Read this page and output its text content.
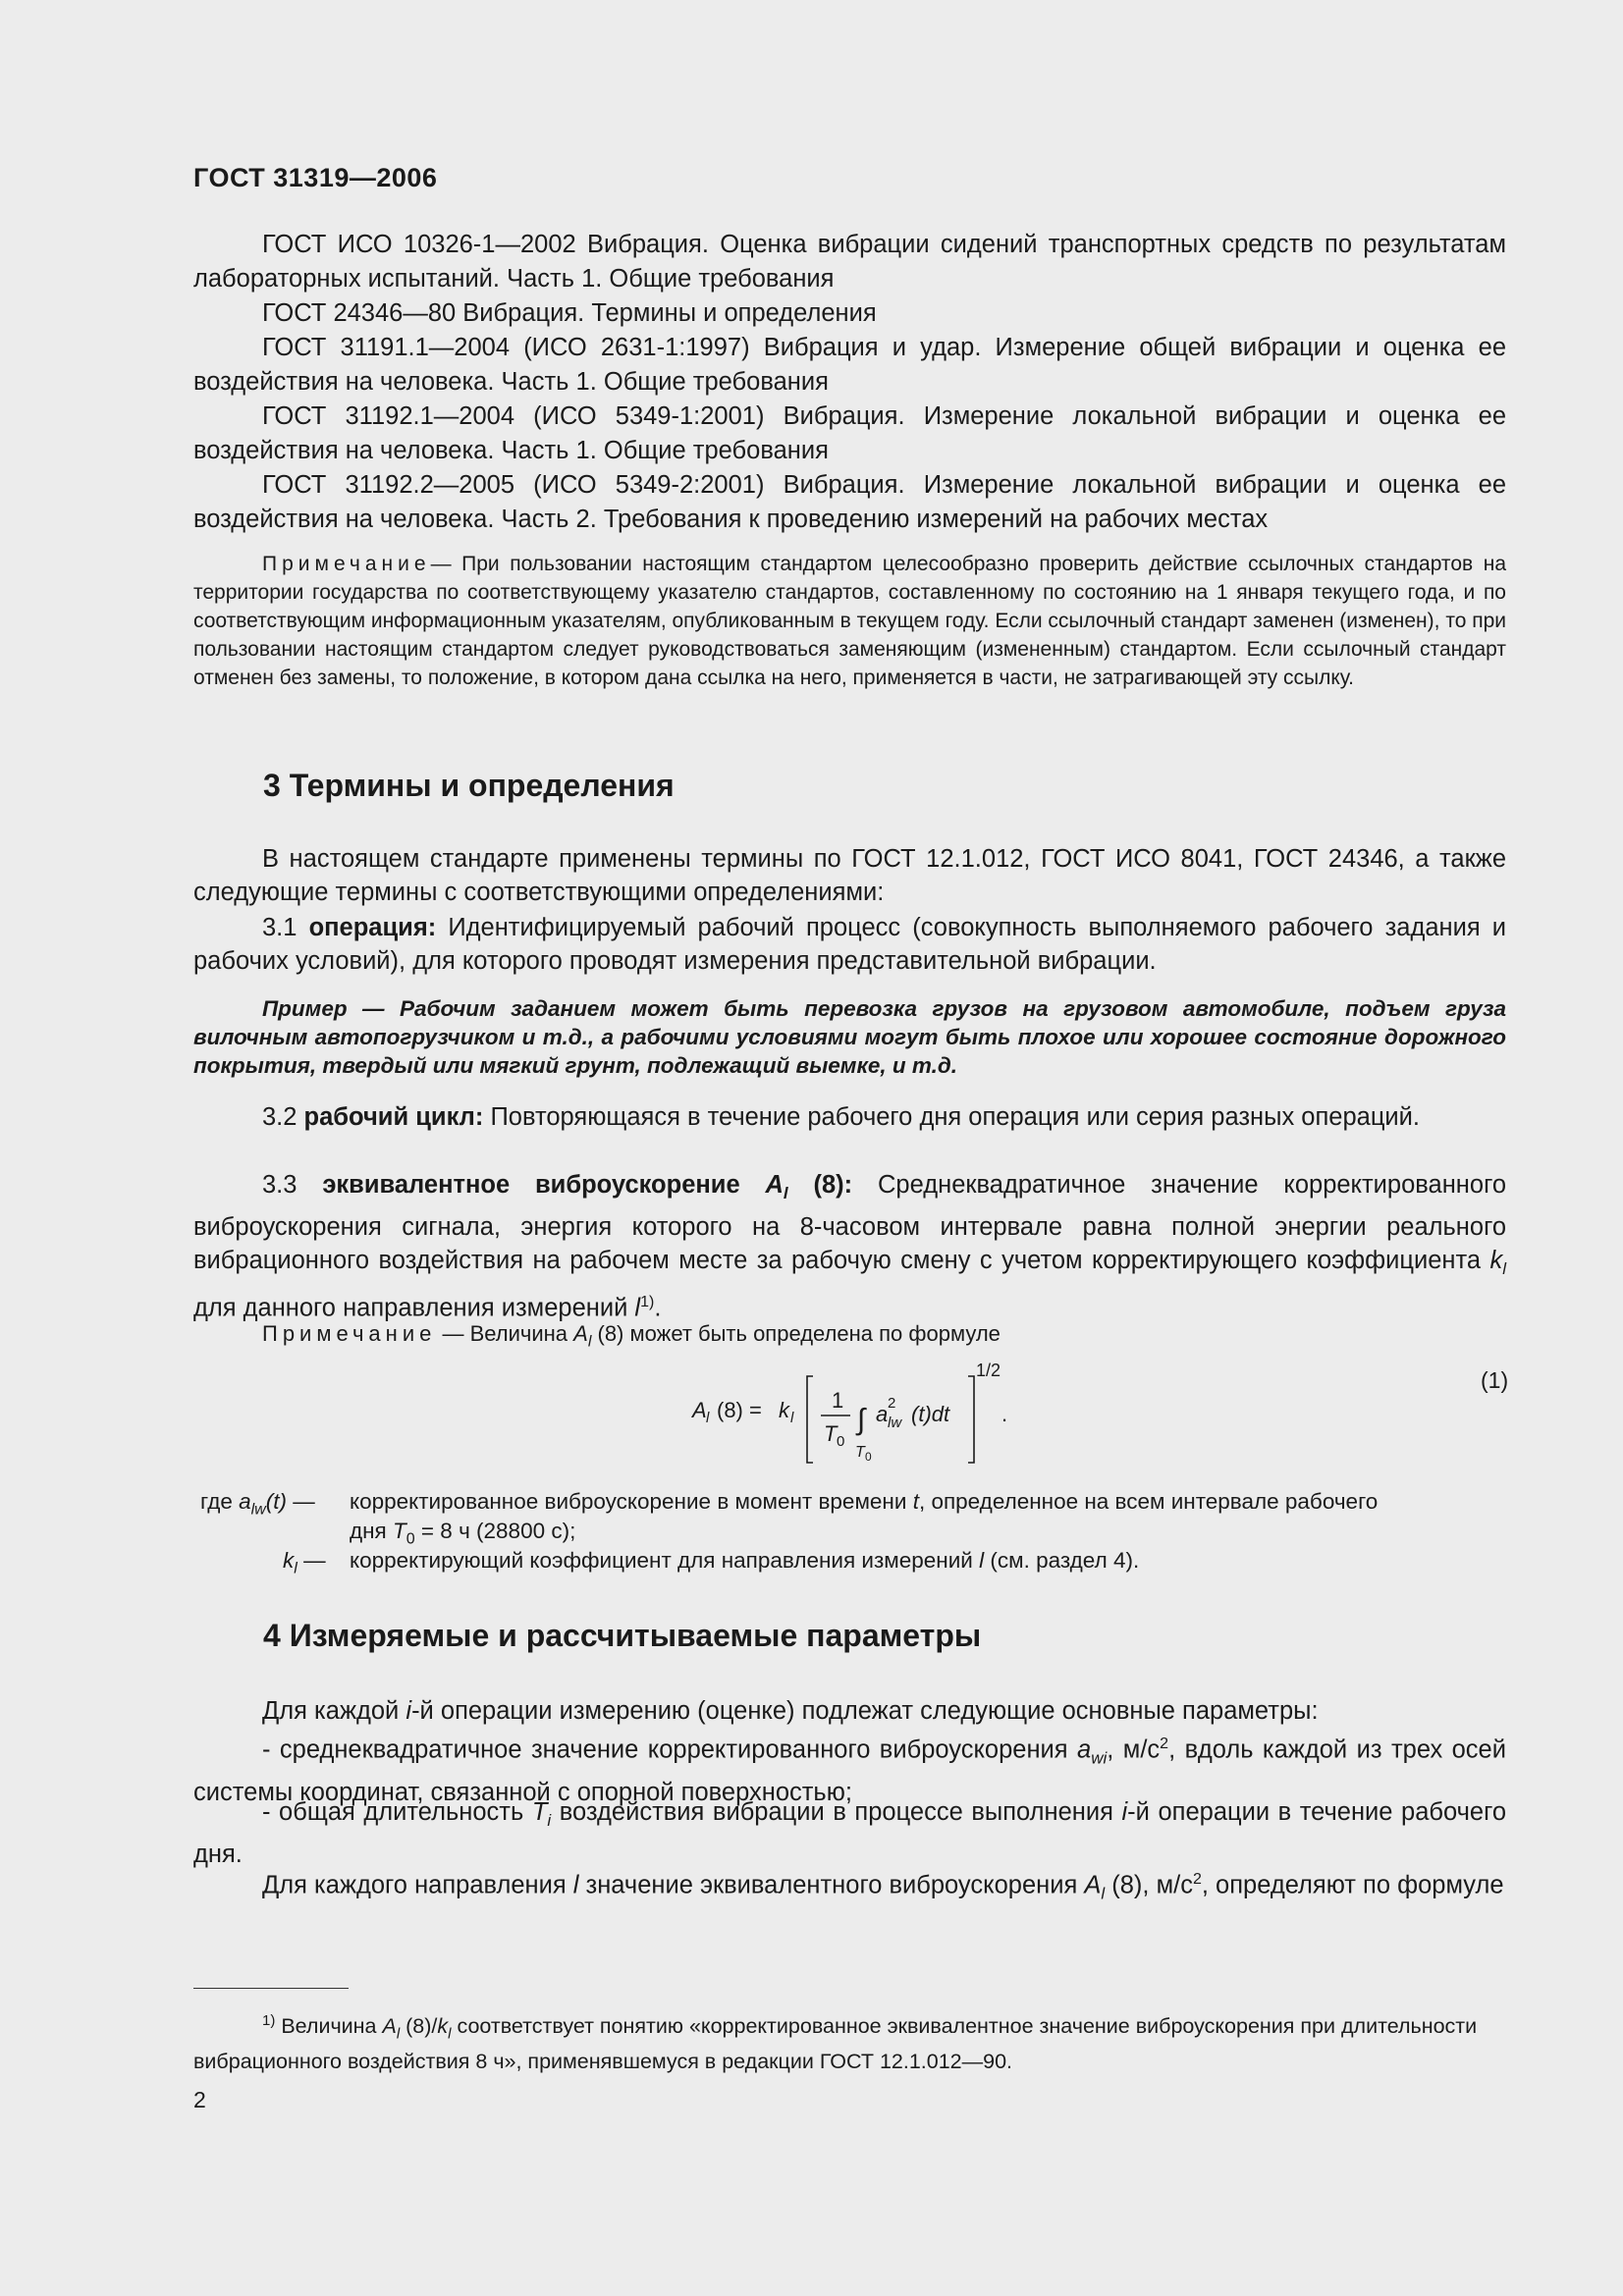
ГОСТ 31319—2006
ГОСТ ИСО 10326-1—2002 Вибрация. Оценка вибрации сидений транспортных средств по результатам лабораторных испытаний. Часть 1. Общие требования
ГОСТ 24346—80 Вибрация. Термины и определения
ГОСТ 31191.1—2004 (ИСО 2631-1:1997) Вибрация и удар. Измерение общей вибрации и оценка ее воздействия на человека. Часть 1. Общие требования
ГОСТ 31192.1—2004 (ИСО 5349-1:2001) Вибрация. Измерение локальной вибрации и оценка ее воздействия на человека. Часть 1. Общие требования
ГОСТ 31192.2—2005 (ИСО 5349-2:2001) Вибрация. Измерение локальной вибрации и оценка ее воздействия на человека. Часть 2. Требования к проведению измерений на рабочих местах
Примечание— При пользовании настоящим стандартом целесообразно проверить действие ссылочных стандартов на территории государства по соответствующему указателю стандартов, составленному по состоянию на 1 января текущего года, и по соответствующим информационным указателям, опубликованным в текущем году. Если ссылочный стандарт заменен (изменен), то при пользовании настоящим стандартом следует руководствоваться заменяющим (измененным) стандартом. Если ссылочный стандарт отменен без замены, то положение, в котором дана ссылка на него, применяется в части, не затрагивающей эту ссылку.
3 Термины и определения
В настоящем стандарте применены термины по ГОСТ 12.1.012, ГОСТ ИСО 8041, ГОСТ 24346, а также следующие термины с соответствующими определениями:
3.1 операция: Идентифицируемый рабочий процесс (совокупность выполняемого рабочего задания и рабочих условий), для которого проводят измерения представительной вибрации.
Пример — Рабочим заданием может быть перевозка грузов на грузовом автомобиле, подъем груза вилочным автопогрузчиком и т.д., а рабочими условиями могут быть плохое или хорошее состояние дорожного покрытия, твердый или мягкий грунт, подлежащий выемке, и т.д.
3.2 рабочий цикл: Повторяющаяся в течение рабочего дня операция или серия разных операций.
3.3 эквивалентное виброускорение $A_l$ (8): Среднеквадратичное значение корректированного виброускорения сигнала, энергия которого на 8-часовом интервале равна полной энергии реального вибрационного воздействия на рабочем месте за рабочую смену с учетом корректирующего коэффициента $k_l$ для данного направления измерений $l^{1)}$.
Примечание — Величина $A_l$ (8) может быть определена по формуле
A l (8) = k l
1
T 0
∫
T 0
a 2
lw (t)dt
1/2
.
(1)
где $a_{lw}(t)$ — корректированное виброускорение в момент времени t, определенное на всем интервале рабочего
дня $T_0 = 8$ ч (28800 с);
$k_l$ — корректирующий коэффициент для направления измерений l (см. раздел 4).
4 Измеряемые и рассчитываемые параметры
Для каждой i-й операции измерению (оценке) подлежат следующие основные параметры:
- среднеквадратичное значение корректированного виброускорения $a_{wi}$, $м/с^2$, вдоль каждой из трех осей системы координат, связанной с опорной поверхностью;
- общая длительность $T_i$ воздействия вибрации в процессе выполнения i-й операции в течение рабочего дня.
Для каждого направления l значение эквивалентного виброускорения $A_l$ (8), $м/с^2$, определяют по формуле
$^{1)}$ Величина $A_l$ $(8)/k_l$ соответствует понятию «корректированное эквивалентное значение виброускорения при длительности вибрационного воздействия 8 ч», применявшемуся в редакции ГОСТ 12.1.012—90.
2
